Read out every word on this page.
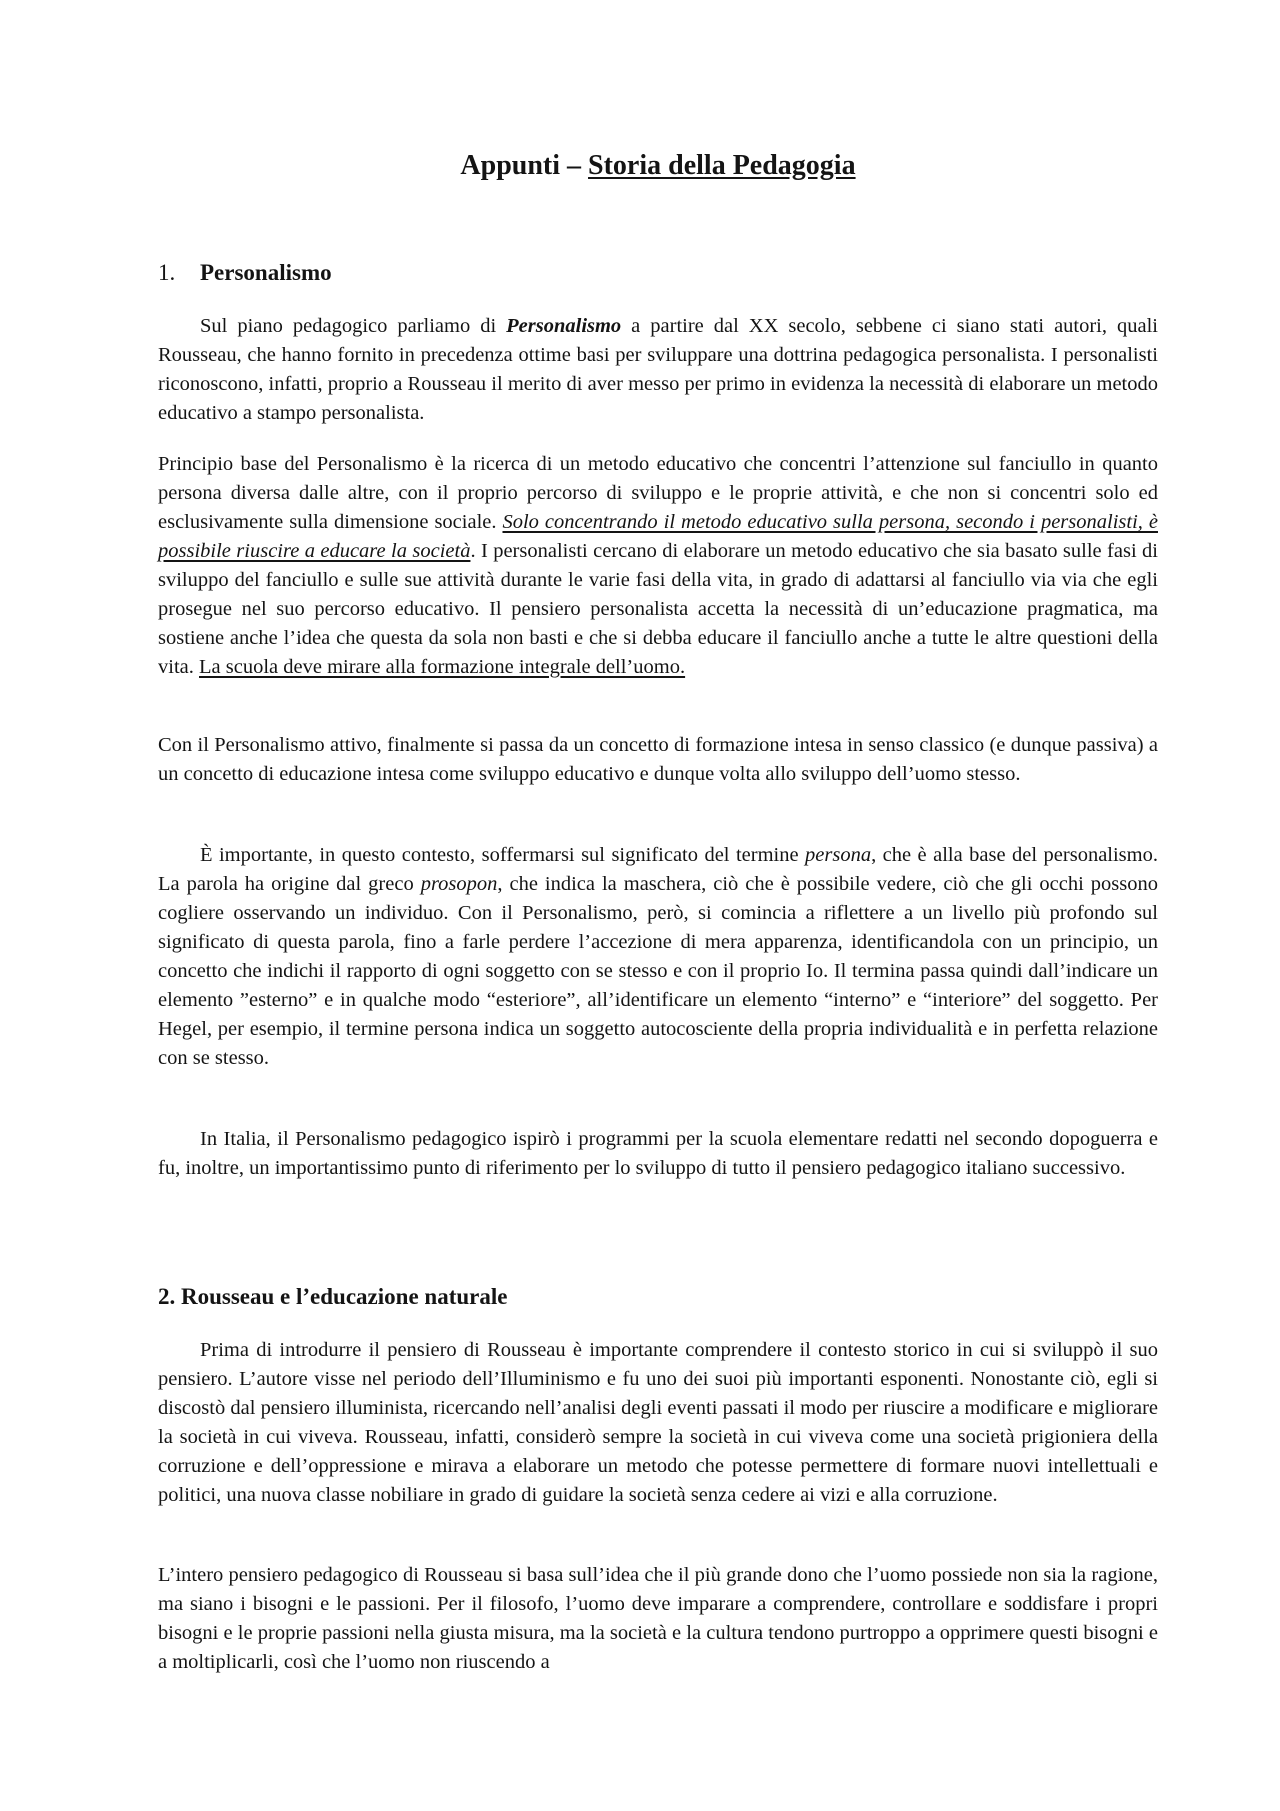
Appunti – Storia della Pedagogia
1. Personalismo

Sul piano pedagogico parliamo di Personalismo a partire dal XX secolo, sebbene ci siano stati autori, quali Rousseau, che hanno fornito in precedenza ottime basi per sviluppare una dottrina pedagogica personalista. I personalisti riconoscono, infatti, proprio a Rousseau il merito di aver messo per primo in evidenza la necessità di elaborare un metodo educativo a stampo personalista.

Principio base del Personalismo è la ricerca di un metodo educativo che concentri l’attenzione sul fanciullo in quanto persona diversa dalle altre, con il proprio percorso di sviluppo e le proprie attività, e che non si concentri solo ed esclusivamente sulla dimensione sociale. Solo concentrando il metodo educativo sulla persona, secondo i personalisti, è possibile riuscire a educare la società. I personalisti cercano di elaborare un metodo educativo che sia basato sulle fasi di sviluppo del fanciullo e sulle sue attività durante le varie fasi della vita, in grado di adattarsi al fanciullo via via che egli prosegue nel suo percorso educativo. Il pensiero personalista accetta la necessità di un’educazione pragmatica, ma sostiene anche l’idea che questa da sola non basti e che si debba educare il fanciullo anche a tutte le altre questioni della vita. La scuola deve mirare alla formazione integrale dell’uomo.

Con il Personalismo attivo, finalmente si passa da un concetto di formazione intesa in senso classico (e dunque passiva) a un concetto di educazione intesa come sviluppo educativo e dunque volta allo sviluppo dell’uomo stesso.

È importante, in questo contesto, soffermarsi sul significato del termine persona, che è alla base del personalismo. La parola ha origine dal greco prosopon, che indica la maschera, ciò che è possibile vedere, ciò che gli occhi possono cogliere osservando un individuo. Con il Personalismo, però, si comincia a riflettere a un livello più profondo sul significato di questa parola, fino a farle perdere l’accezione di mera apparenza, identificandola con un principio, un concetto che indichi il rapporto di ogni soggetto con se stesso e con il proprio Io. Il termina passa quindi dall’indicare un elemento ”esterno” e in qualche modo “esteriore”, all’identificare un elemento “interno” e “interiore” del soggetto. Per Hegel, per esempio, il termine persona indica un soggetto autocosciente della propria individualità e in perfetta relazione con se stesso.

In Italia, il Personalismo pedagogico ispirò i programmi per la scuola elementare redatti nel secondo dopoguerra e fu, inoltre, un importantissimo punto di riferimento per lo sviluppo di tutto il pensiero pedagogico italiano successivo.

2. Rousseau e l’educazione naturale

Prima di introdurre il pensiero di Rousseau è importante comprendere il contesto storico in cui si sviluppò il suo pensiero. L’autore visse nel periodo dell’Illuminismo e fu uno dei suoi più importanti esponenti. Nonostante ciò, egli si discostò dal pensiero illuminista, ricercando nell’analisi degli eventi passati il modo per riuscire a modificare e migliorare la società in cui viveva. Rousseau, infatti, considerò sempre la società in cui viveva come una società prigioniera della corruzione e dell’oppressione e mirava a elaborare un metodo che potesse permettere di formare nuovi intellettuali e politici, una nuova classe nobiliare in grado di guidare la società senza cedere ai vizi e alla corruzione.

L’intero pensiero pedagogico di Rousseau si basa sull’idea che il più grande dono che l’uomo possiede non sia la ragione, ma siano i bisogni e le passioni. Per il filosofo, l’uomo deve imparare a comprendere, controllare e soddisfare i propri bisogni e le proprie passioni nella giusta misura, ma la società e la cultura tendono purtroppo a opprimere questi bisogni e a moltiplicarli, così che l’uomo non riuscendo a
